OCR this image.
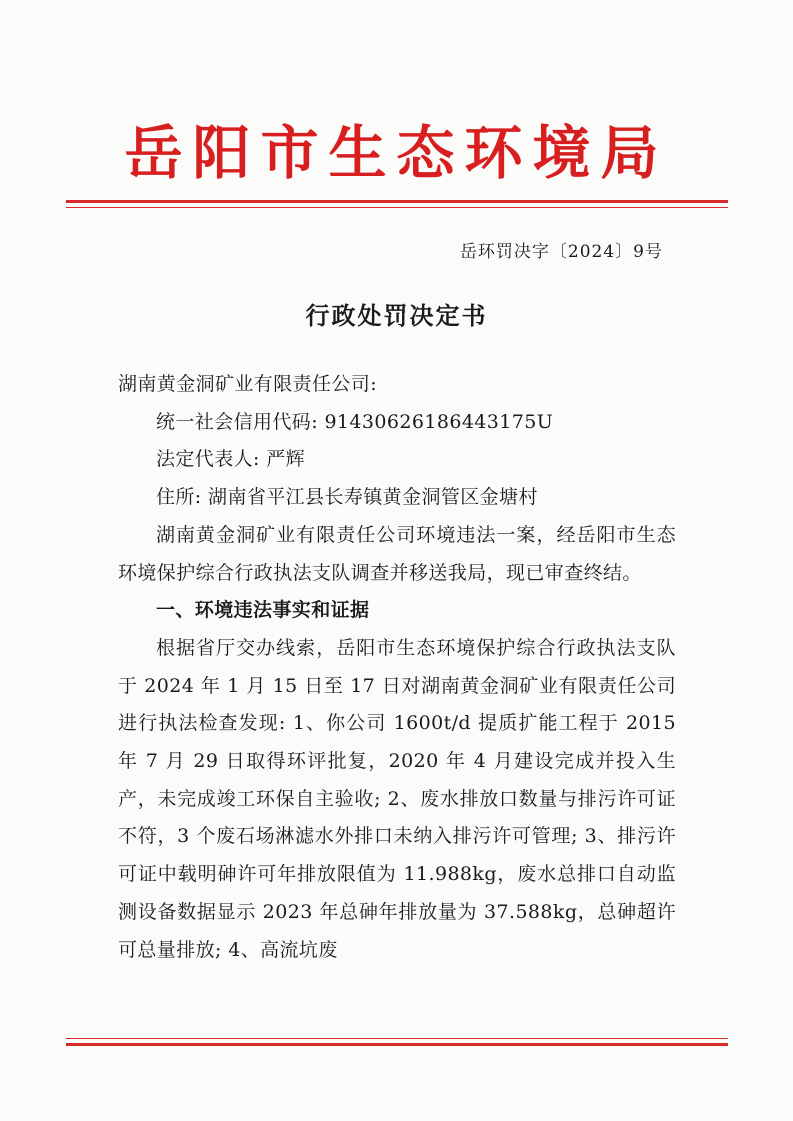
岳阳市生态环境局
岳环罚决字〔2024〕9号
行政处罚决定书

湖南黄金洞矿业有限责任公司:

统一社会信用代码: 91430626186443175U

法定代表人: 严辉

住所: 湖南省平江县长寿镇黄金洞管区金塘村

湖南黄金洞矿业有限责任公司环境违法一案，经岳阳市生态环境保护综合行政执法支队调查并移送我局，现已审查终结。

一、环境违法事实和证据

根据省厅交办线索，岳阳市生态环境保护综合行政执法支队于 2024 年 1 月 15 日至 17 日对湖南黄金洞矿业有限责任公司进行执法检查发现: 1、你公司 1600t/d 提质扩能工程于 2015 年 7 月 29 日取得环评批复，2020 年 4 月建设完成并投入生产，未完成竣工环保自主验收; 2、废水排放口数量与排污许可证不符，3 个废石场淋滤水外排口未纳入排污许可管理; 3、排污许可证中载明砷许可年排放限值为 11.988kg，废水总排口自动监测设备数据显示 2023 年总砷年排放量为 37.588kg，总砷超许可总量排放; 4、高流坑废
